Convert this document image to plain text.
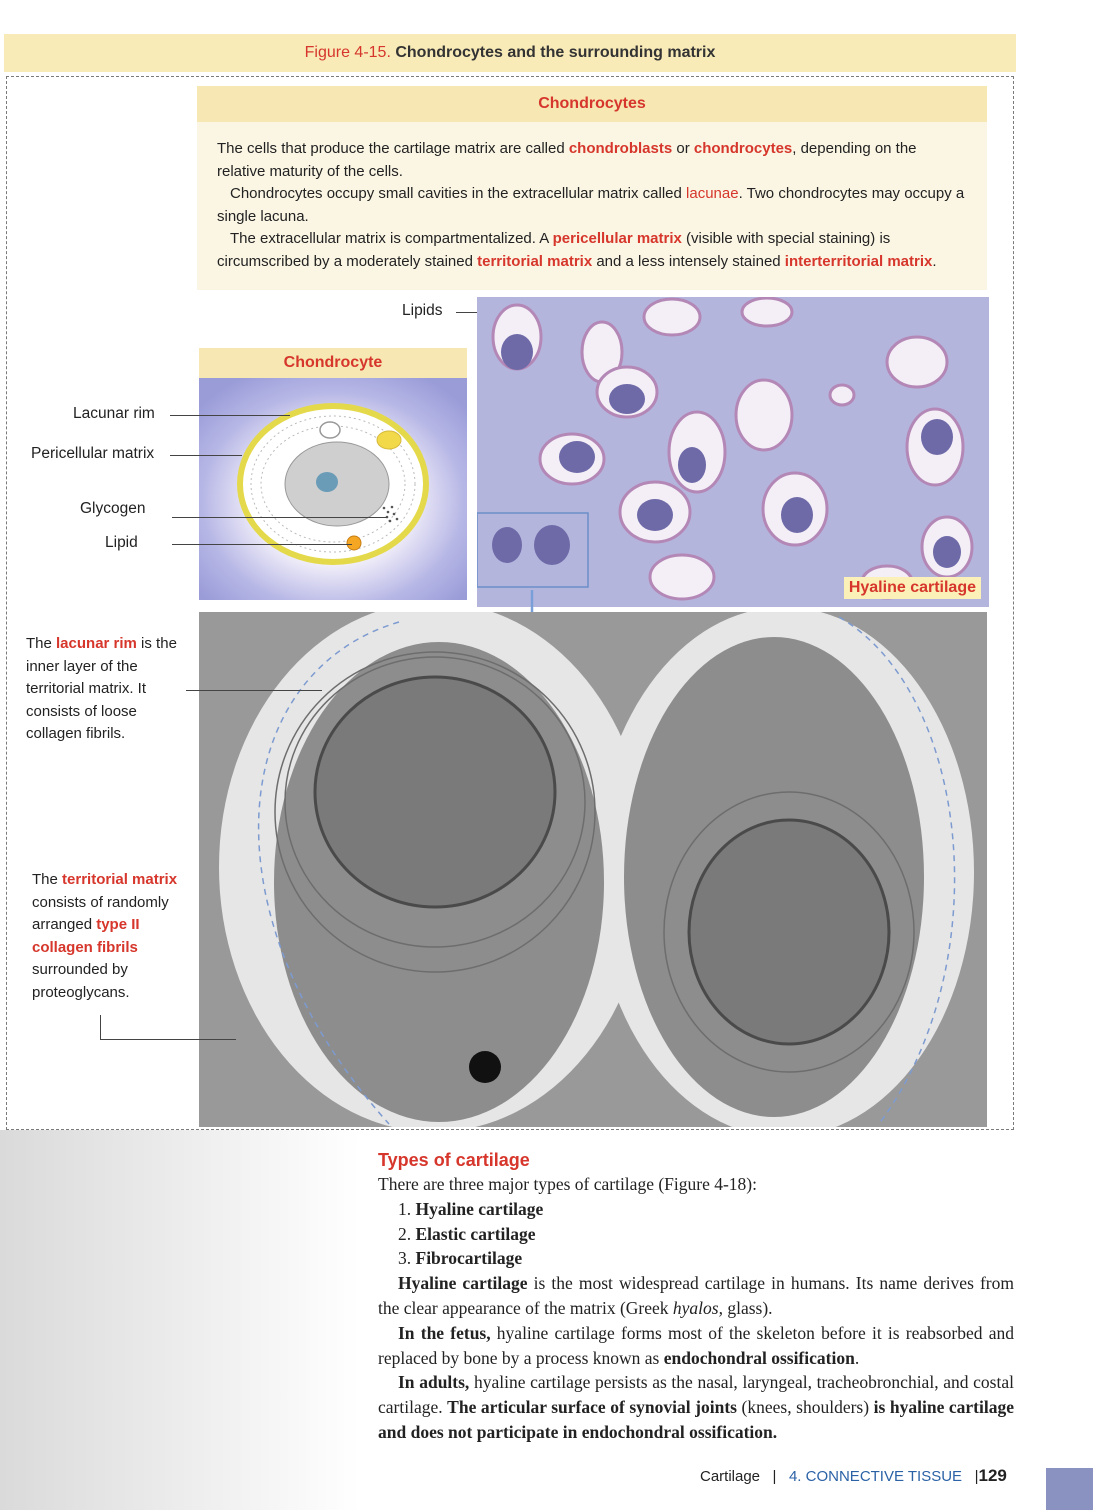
Figure 4-15. Chondrocytes and the surrounding matrix
Chondrocytes

The cells that produce the cartilage matrix are called chondroblasts or chondrocytes, depending on the relative maturity of the cells.

Chondrocytes occupy small cavities in the extracellular matrix called lacunae. Two chondrocytes may occupy a single lacuna.

The extracellular matrix is compartmentalized. A pericellular matrix (visible with special staining) is circumscribed by a moderately stained territorial matrix and a less intensely stained interterritorial matrix.

Chondrocyte
Lacunar rim
Pericellular matrix
Glycogen
Lipid
Lipids
Hyaline cartilage
The lacunar rim is the inner layer of the territorial matrix. It consists of loose collagen fibrils.
The territorial matrix consists of randomly arranged type II collagen fibrils surrounded by proteoglycans.
Types of cartilage

There are three major types of cartilage (Figure 4-18):

1. Hyaline cartilage

2. Elastic cartilage

3. Fibrocartilage

Hyaline cartilage is the most widespread cartilage in humans. Its name derives from the clear appearance of the matrix (Greek hyalos, glass).

In the fetus, hyaline cartilage forms most of the skeleton before it is reabsorbed and replaced by bone by a process known as endochondral ossification.

In adults, hyaline cartilage persists as the nasal, laryngeal, tracheobronchial, and costal cartilage. The articular surface of synovial joints (knees, shoulders) is hyaline cartilage and does not participate in endochondral ossification.

Cartilage | 4. CONNECTIVE TISSUE |129
